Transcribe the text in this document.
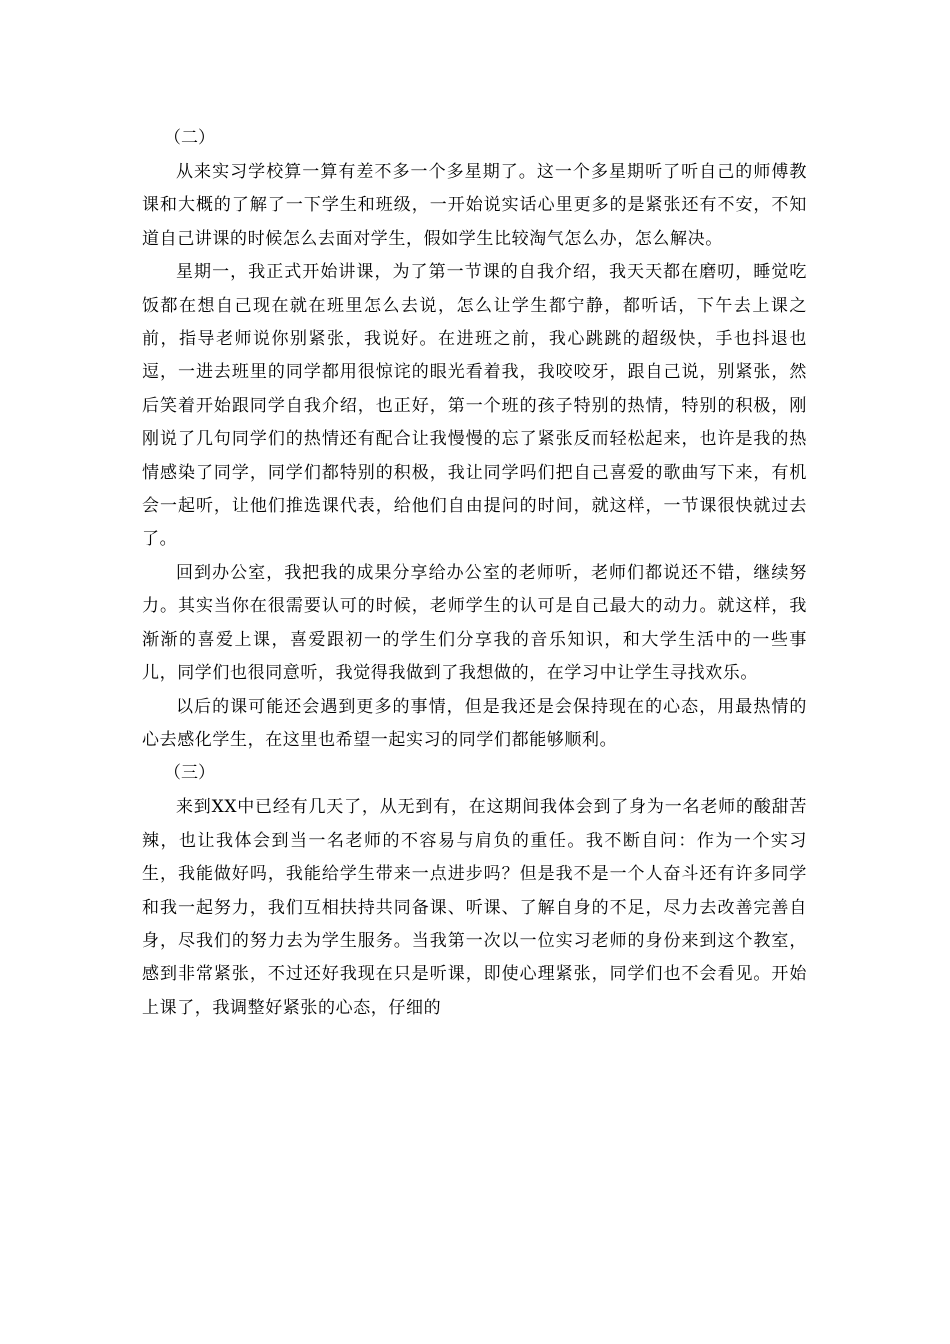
（二）

从来实习学校算一算有差不多一个多星期了。这一个多星期听了听自己的师傅教课和大概的了解了一下学生和班级，一开始说实话心里更多的是紧张还有不安，不知道自己讲课的时候怎么去面对学生，假如学生比较淘气怎么办，怎么解决。

星期一，我正式开始讲课，为了第一节课的自我介绍，我天天都在磨叨，睡觉吃饭都在想自己现在就在班里怎么去说，怎么让学生都宁静，都听话，下午去上课之前，指导老师说你别紧张，我说好。在进班之前，我心跳跳的超级快，手也抖退也逗，一进去班里的同学都用很惊诧的眼光看着我，我咬咬牙，跟自己说，别紧张，然后笑着开始跟同学自我介绍，也正好，第一个班的孩子特别的热情，特别的积极，刚刚说了几句同学们的热情还有配合让我慢慢的忘了紧张反而轻松起来，也许是我的热情感染了同学，同学们都特别的积极，我让同学吗们把自己喜爱的歌曲写下来，有机会一起听，让他们推选课代表，给他们自由提问的时间，就这样，一节课很快就过去了。

回到办公室，我把我的成果分享给办公室的老师听，老师们都说还不错，继续努力。其实当你在很需要认可的时候，老师学生的认可是自己最大的动力。就这样，我渐渐的喜爱上课，喜爱跟初一的学生们分享我的音乐知识，和大学生活中的一些事儿，同学们也很同意听，我觉得我做到了我想做的，在学习中让学生寻找欢乐。

以后的课可能还会遇到更多的事情，但是我还是会保持现在的心态，用最热情的心去感化学生，在这里也希望一起实习的同学们都能够顺利。

（三）

来到XX中已经有几天了，从无到有，在这期间我体会到了身为一名老师的酸甜苦辣，也让我体会到当一名老师的不容易与肩负的重任。我不断自问：作为一个实习生，我能做好吗，我能给学生带来一点进步吗？但是我不是一个人奋斗还有许多同学和我一起努力，我们互相扶持共同备课、听课、了解自身的不足，尽力去改善完善自身，尽我们的努力去为学生服务。当我第一次以一位实习老师的身份来到这个教室，感到非常紧张，不过还好我现在只是听课，即使心理紧张，同学们也不会看见。开始上课了，我调整好紧张的心态，仔细的
